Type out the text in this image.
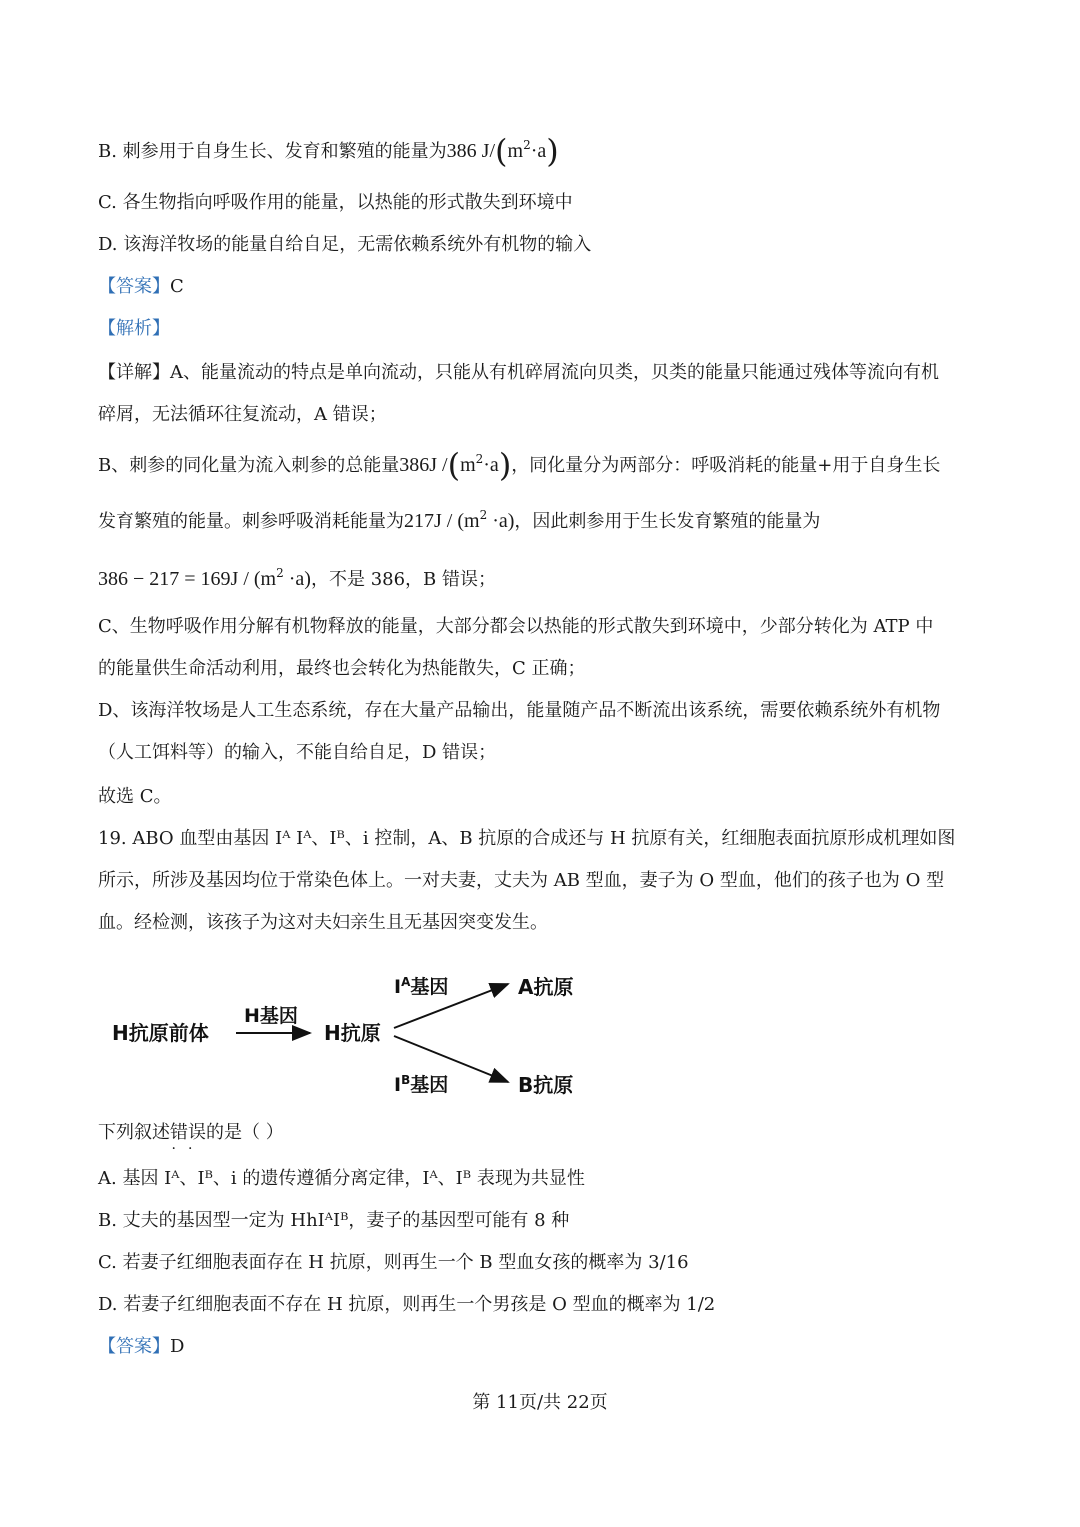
B. 刺参用于自身生长、发育和繁殖的能量为386 $J/(m^2\cdot a)$
C. 各生物指向呼吸作用的能量，以热能的形式散失到环境中
D. 该海洋牧场的能量自给自足，无需依赖系统外有机物的输入
【答案】C
【解析】
【详解】A、能量流动的特点是单向流动，只能从有机碎屑流向贝类，贝类的能量只能通过残体等流向有机
碎屑，无法循环往复流动，A 错误；
B、刺参的同化量为流入刺参的总能量386J $/(m^2\cdot a)$，同化量分为两部分：呼吸消耗的能量+用于自身生长
发育繁殖的能量。刺参呼吸消耗能量为$217J / (m^2 \cdot a)$，因此刺参用于生长发育繁殖的能量为
$386 - 217 = 169J / (m^2 \cdot a)$，不是 386，B 错误；
C、生物呼吸作用分解有机物释放的能量，大部分都会以热能的形式散失到环境中，少部分转化为 ATP 中
的能量供生命活动利用，最终也会转化为热能散失，C 正确；
D、该海洋牧场是人工生态系统，存在大量产品输出，能量随产品不断流出该系统，需要依赖系统外有机物
（人工饵料等）的输入，不能自给自足，D 错误；
故选 C。
19. ABO 血型由基因 Iᴬ Iᴬ、Iᴮ、i 控制，A、B 抗原的合成还与 H 抗原有关，红细胞表面抗原形成机理如图
所示，所涉及基因均位于常染色体上。一对夫妻，丈夫为 AB 型血，妻子为 O 型血，他们的孩子也为 O 型
血。经检测，该孩子为这对夫妇亲生且无基因突变发生。
H抗原前体
H基因
H抗原
$I^A$基因	A抗原
$I^B$基因	B抗原
下列叙述错误
··
的是（ ）
A. 基因 Iᴬ、Iᴮ、i 的遗传遵循分离定律，Iᴬ、Iᴮ 表现为共显性
B. 丈夫的基因型一定为 HhIᴬIᴮ，妻子的基因型可能有 8 种
C. 若妻子红细胞表面存在 H 抗原，则再生一个 B 型血女孩的概率为 3/16
D. 若妻子红细胞表面不存在 H 抗原，则再生一个男孩是 O 型血的概率为 1/2
【答案】D
第 11页/共 22页
